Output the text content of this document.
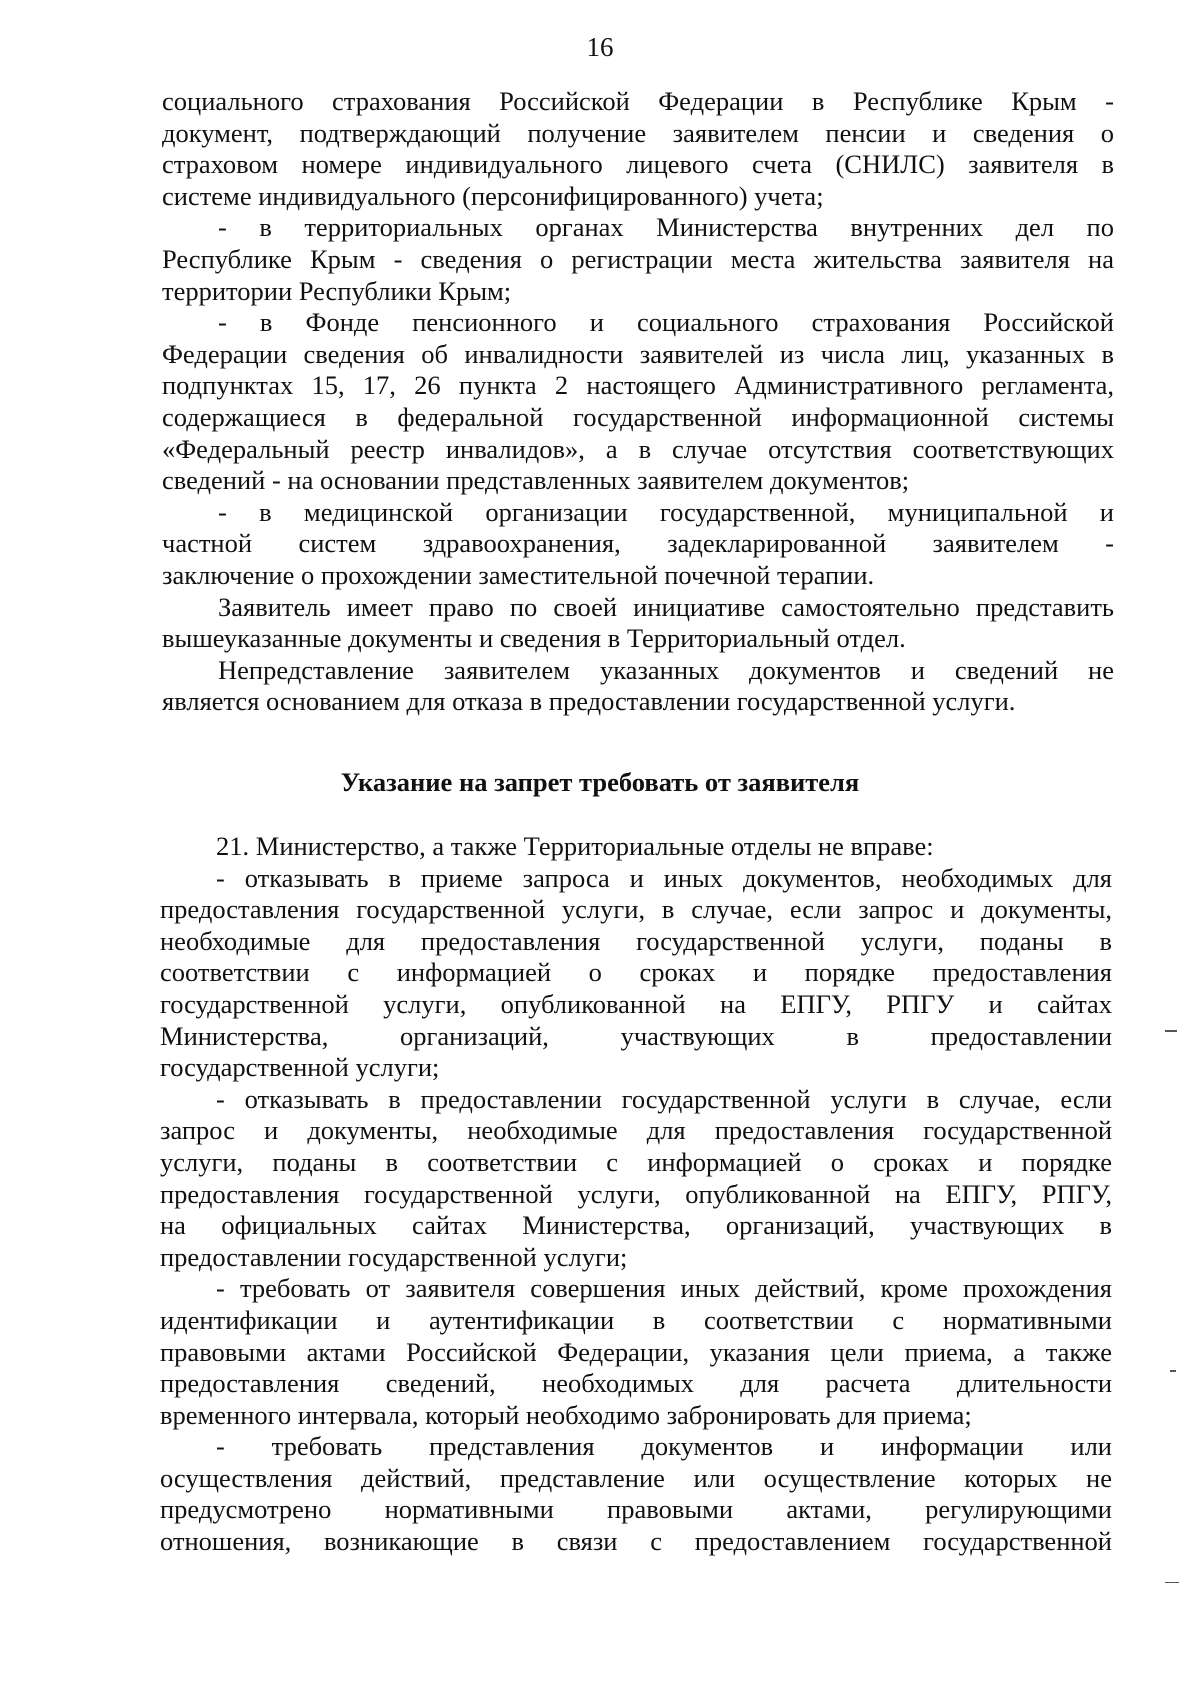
16
социального страхования Российской Федерации в Республике Крым -
документ, подтверждающий получение заявителем пенсии и сведения о
страховом номере индивидуального лицевого счета (СНИЛС) заявителя в
системе индивидуального (персонифицированного) учета;
- в территориальных органах Министерства внутренних дел по
Республике Крым - сведения о регистрации места жительства заявителя на
территории Республики Крым;
- в Фонде пенсионного и социального страхования Российской
Федерации сведения об инвалидности заявителей из числа лиц, указанных в
подпунктах 15, 17, 26 пункта 2 настоящего Административного регламента,
содержащиеся в федеральной государственной информационной системы
«Федеральный реестр инвалидов», а в случае отсутствия соответствующих
сведений - на основании представленных заявителем документов;
- в медицинской организации государственной, муниципальной и
частной систем здравоохранения, задекларированной заявителем -
заключение о прохождении заместительной почечной терапии.
Заявитель имеет право по своей инициативе самостоятельно представить
вышеуказанные документы и сведения в Территориальный отдел.
Непредставление заявителем указанных документов и сведений не
является основанием для отказа в предоставлении государственной услуги.
Указание на запрет требовать от заявителя
21. Министерство, а также Территориальные отделы не вправе:
- отказывать в приеме запроса и иных документов, необходимых для
предоставления государственной услуги, в случае, если запрос и документы,
необходимые для предоставления государственной услуги, поданы в
соответствии с информацией о сроках и порядке предоставления
государственной услуги, опубликованной на ЕПГУ, РПГУ и сайтах
Министерства, организаций, участвующих в предоставлении
государственной услуги;
- отказывать в предоставлении государственной услуги в случае, если
запрос и документы, необходимые для предоставления государственной
услуги, поданы в соответствии с информацией о сроках и порядке
предоставления государственной услуги, опубликованной на ЕПГУ, РПГУ,
на официальных сайтах Министерства, организаций, участвующих в
предоставлении государственной услуги;
- требовать от заявителя совершения иных действий, кроме прохождения
идентификации и аутентификации в соответствии с нормативными
правовыми актами Российской Федерации, указания цели приема, а также
предоставления сведений, необходимых для расчета длительности
временного интервала, который необходимо забронировать для приема;
- требовать представления документов и информации или
осуществления действий, представление или осуществление которых не
предусмотрено нормативными правовыми актами, регулирующими
отношения, возникающие в связи с предоставлением государственной
